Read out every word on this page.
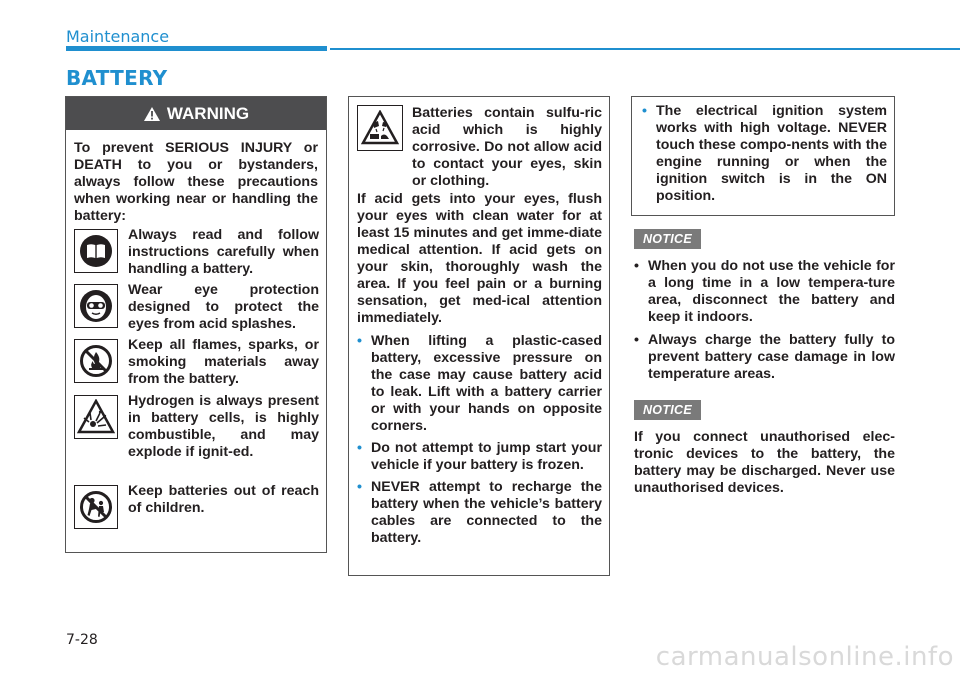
Maintenance

BATTERY
WARNING
To prevent SERIOUS INJURY or DEATH to you or bystanders, always follow these precautions when working near or handling the battery:
Always read and follow instructions carefully when handling a battery.
Wear eye protection designed to protect the eyes from acid splashes.
Keep all flames, sparks, or smoking materials away from the battery.
Hydrogen is always present in battery cells, is highly combustible, and may explode if ignit-ed.
Keep batteries out of reach of children.
Batteries contain sulfu-ric acid which is highly corrosive. Do not allow acid to contact your eyes, skin or clothing.

If acid gets into your eyes, flush your eyes with clean water for at least 15 minutes and get imme-diate medical attention. If acid gets on your skin, thoroughly wash the area. If you feel pain or a burning sensation, get med-ical attention immediately.

• When lifting a plastic-cased battery, excessive pressure on the case may cause battery acid to leak. Lift with a battery carrier or with your hands on opposite corners.
• Do not attempt to jump start your vehicle if your battery is frozen.
• NEVER attempt to recharge the battery when the vehicle’s battery cables are connected to the battery.
• The electrical ignition system works with high voltage. NEVER touch these compo-nents with the engine running or when the ignition switch is in the ON position.
NOTICE
• When you do not use the vehicle for a long time in a low tempera-ture area, disconnect the battery and keep it indoors.
• Always charge the battery fully to prevent battery case damage in low temperature areas.
NOTICE

If you connect unauthorised elec-tronic devices to the battery, the battery may be discharged. Never use unauthorised devices.

7-28

carmanualsonline.info
